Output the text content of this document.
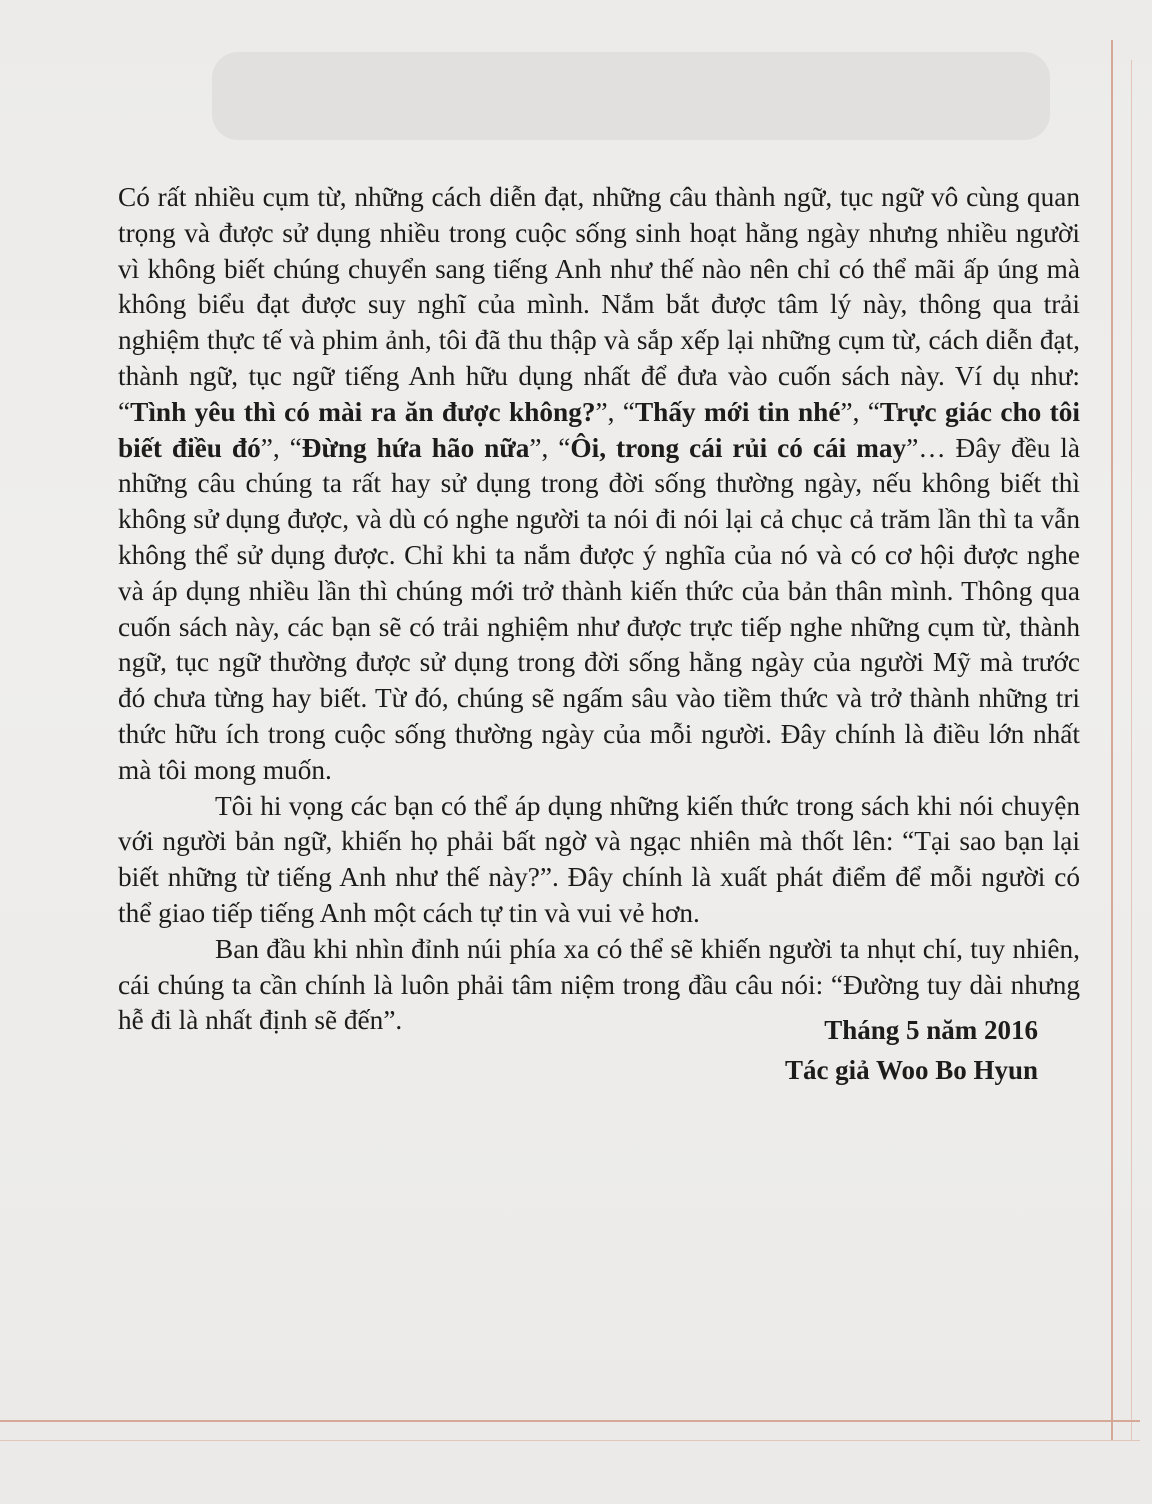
Có rất nhiều cụm từ, những cách diễn đạt, những câu thành ngữ, tục ngữ vô cùng quan trọng và được sử dụng nhiều trong cuộc sống sinh hoạt hằng ngày nhưng nhiều người vì không biết chúng chuyển sang tiếng Anh như thế nào nên chỉ có thể mãi ấp úng mà không biểu đạt được suy nghĩ của mình. Nắm bắt được tâm lý này, thông qua trải nghiệm thực tế và phim ảnh, tôi đã thu thập và sắp xếp lại những cụm từ, cách diễn đạt, thành ngữ, tục ngữ tiếng Anh hữu dụng nhất để đưa vào cuốn sách này. Ví dụ như: “Tình yêu thì có mài ra ăn được không?”, “Thấy mới tin nhé”, “Trực giác cho tôi biết điều đó”, “Đừng hứa hão nữa”, “Ôi, trong cái rủi có cái may”… Đây đều là những câu chúng ta rất hay sử dụng trong đời sống thường ngày, nếu không biết thì không sử dụng được, và dù có nghe người ta nói đi nói lại cả chục cả trăm lần thì ta vẫn không thể sử dụng được. Chỉ khi ta nắm được ý nghĩa của nó và có cơ hội được nghe và áp dụng nhiều lần thì chúng mới trở thành kiến thức của bản thân mình. Thông qua cuốn sách này, các bạn sẽ có trải nghiệm như được trực tiếp nghe những cụm từ, thành ngữ, tục ngữ thường được sử dụng trong đời sống hằng ngày của người Mỹ mà trước đó chưa từng hay biết. Từ đó, chúng sẽ ngấm sâu vào tiềm thức và trở thành những tri thức hữu ích trong cuộc sống thường ngày của mỗi người. Đây chính là điều lớn nhất mà tôi mong muốn.

Tôi hi vọng các bạn có thể áp dụng những kiến thức trong sách khi nói chuyện với người bản ngữ, khiến họ phải bất ngờ và ngạc nhiên mà thốt lên: “Tại sao bạn lại biết những từ tiếng Anh như thế này?”. Đây chính là xuất phát điểm để mỗi người có thể giao tiếp tiếng Anh một cách tự tin và vui vẻ hơn.

Ban đầu khi nhìn đỉnh núi phía xa có thể sẽ khiến người ta nhụt chí, tuy nhiên, cái chúng ta cần chính là luôn phải tâm niệm trong đầu câu nói: “Đường tuy dài nhưng hễ đi là nhất định sẽ đến”.	Tháng 5 năm 2016
Tác giả Woo Bo Hyun
